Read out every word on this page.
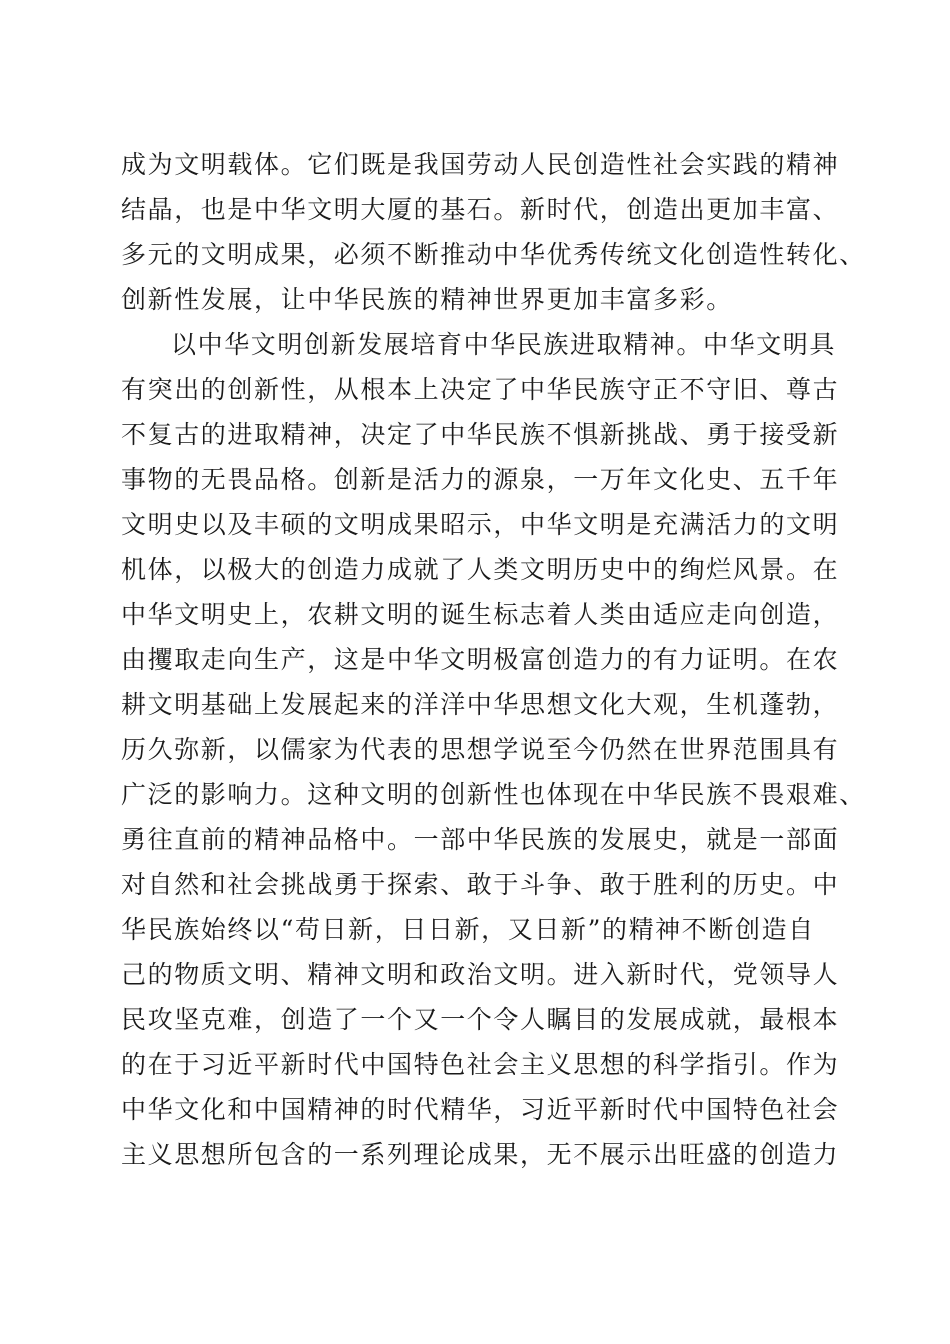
成为文明载体。它们既是我国劳动人民创造性社会实践的精神
结晶，也是中华文明大厦的基石。新时代，创造出更加丰富、
多元的文明成果，必须不断推动中华优秀传统文化创造性转化、
创新性发展，让中华民族的精神世界更加丰富多彩。
以中华文明创新发展培育中华民族进取精神。中华文明具
有突出的创新性，从根本上决定了中华民族守正不守旧、尊古
不复古的进取精神，决定了中华民族不惧新挑战、勇于接受新
事物的无畏品格。创新是活力的源泉，一万年文化史、五千年
文明史以及丰硕的文明成果昭示，中华文明是充满活力的文明
机体，以极大的创造力成就了人类文明历史中的绚烂风景。在
中华文明史上，农耕文明的诞生标志着人类由适应走向创造，
由攫取走向生产，这是中华文明极富创造力的有力证明。在农
耕文明基础上发展起来的洋洋中华思想文化大观，生机蓬勃，
历久弥新，以儒家为代表的思想学说至今仍然在世界范围具有
广泛的影响力。这种文明的创新性也体现在中华民族不畏艰难、
勇往直前的精神品格中。一部中华民族的发展史，就是一部面
对自然和社会挑战勇于探索、敢于斗争、敢于胜利的历史。中
华民族始终以“苟日新，日日新，又日新”的精神不断创造自
己的物质文明、精神文明和政治文明。进入新时代，党领导人
民攻坚克难，创造了一个又一个令人瞩目的发展成就，最根本
的在于习近平新时代中国特色社会主义思想的科学指引。作为
中华文化和中国精神的时代精华，习近平新时代中国特色社会
主义思想所包含的一系列理论成果，无不展示出旺盛的创造力
